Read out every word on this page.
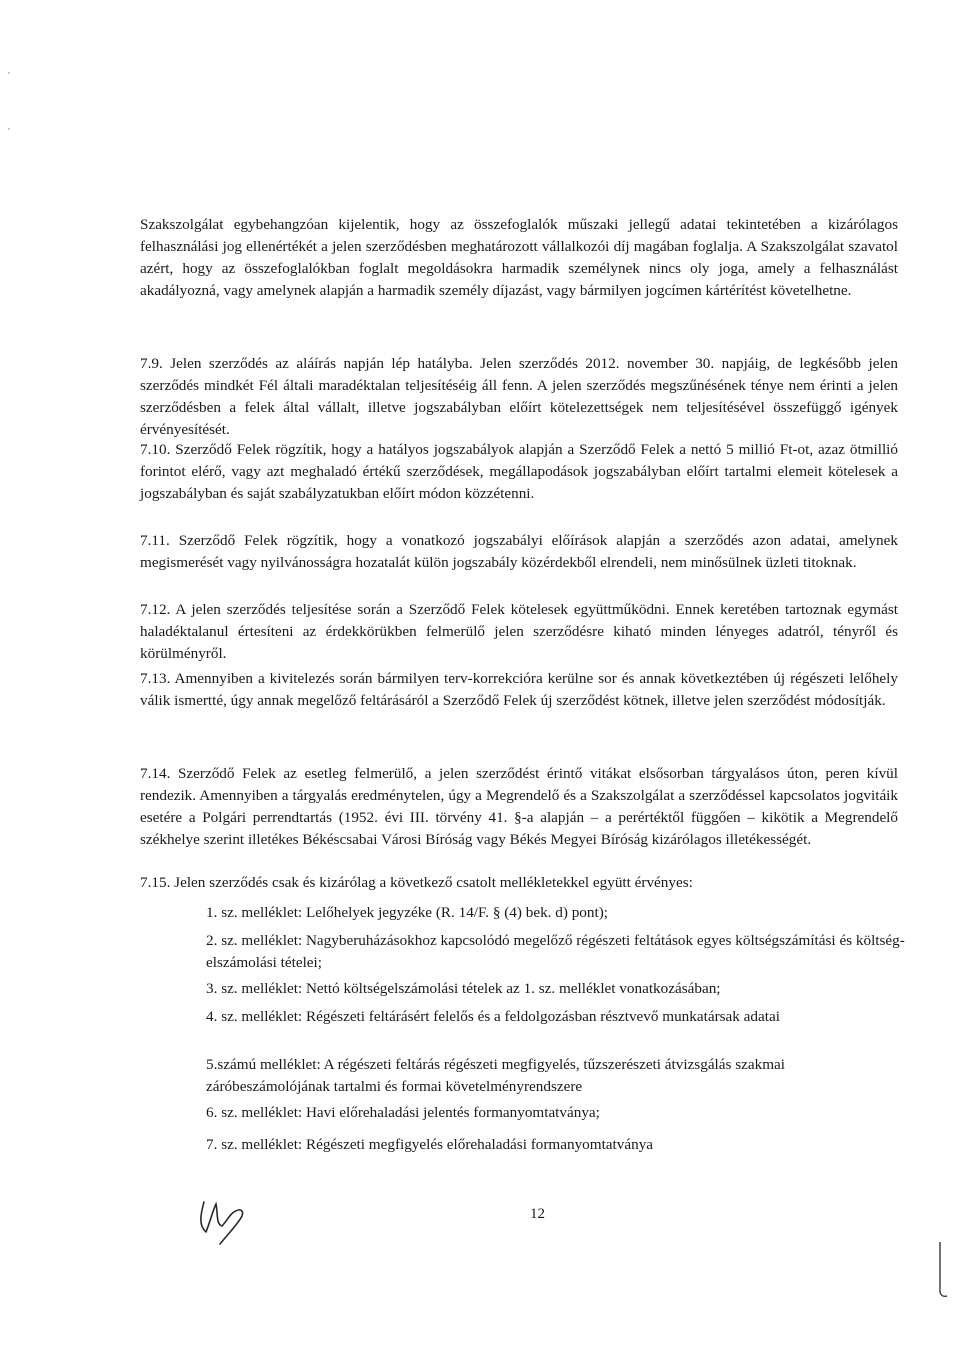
Szakszolgálat egybehangzóan kijelentik, hogy az összefoglalók műszaki jellegű adatai tekintetében a kizárólagos felhasználási jog ellenértékét a jelen szerződésben meghatározott vállalkozói díj magában foglalja. A Szakszolgálat szavatol azért, hogy az összefoglalókban foglalt megoldásokra harmadik személynek nincs oly joga, amely a felhasználást akadályozná, vagy amelynek alapján a harmadik személy díjazást, vagy bármilyen jogcímen kártérítést követelhetne.

7.9. Jelen szerződés az aláírás napján lép hatályba. Jelen szerződés 2012. november 30. napjáig, de legkésőbb jelen szerződés mindkét Fél általi maradéktalan teljesítéséig áll fenn. A jelen szerződés megszűnésének ténye nem érinti a jelen szerződésben a felek által vállalt, illetve jogszabályban előírt kötelezettségek nem teljesítésével összefüggő igények érvényesítését.

7.10. Szerződő Felek rögzítik, hogy a hatályos jogszabályok alapján a Szerződő Felek a nettó 5 millió Ft-ot, azaz ötmillió forintot elérő, vagy azt meghaladó értékű szerződések, megállapodások jogszabályban előírt tartalmi elemeit kötelesek a jogszabályban és saját szabályzatukban előírt módon közzétenni.

7.11. Szerződő Felek rögzítik, hogy a vonatkozó jogszabályi előírások alapján a szerződés azon adatai, amelynek megismerését vagy nyilvánosságra hozatalát külön jogszabály közérdekből elrendeli, nem minősülnek üzleti titoknak.

7.12. A jelen szerződés teljesítése során a Szerződő Felek kötelesek együttműködni. Ennek keretében tartoznak egymást haladéktalanul értesíteni az érdekkörükben felmerülő jelen szerződésre kiható minden lényeges adatról, tényről és körülményről.

7.13. Amennyiben a kivitelezés során bármilyen terv-korrekcióra kerülne sor és annak következtében új régészeti lelőhely válik ismertté, úgy annak megelőző feltárásáról a Szerződő Felek új szerződést kötnek, illetve jelen szerződést módosítják.

7.14. Szerződő Felek az esetleg felmerülő, a jelen szerződést érintő vitákat elsősorban tárgyalásos úton, peren kívül rendezik. Amennyiben a tárgyalás eredménytelen, úgy a Megrendelő és a Szakszolgálat a szerződéssel kapcsolatos jogvitáik esetére a Polgári perrendtartás (1952. évi III. törvény 41. §-a alapján – a perértéktől függően – kikötik a Megrendelő székhelye szerint illetékes Békéscsabai Városi Bíróság vagy Békés Megyei Bíróság kizárólagos illetékességét.

7.15. Jelen szerződés csak és kizárólag a következő csatolt mellékletekkel együtt érvényes:

1. sz. melléklet: Lelőhelyek jegyzéke (R. 14/F. § (4) bek. d) pont);

2. sz. melléklet: Nagyberuházásokhoz kapcsolódó megelőző régészeti feltátások egyes költségszámítási és költség-elszámolási tételei;

3. sz. melléklet: Nettó költségelszámolási tételek az 1. sz. melléklet vonatkozásában;

4. sz. melléklet: Régészeti feltárásért felelős és a feldolgozásban résztvevő munkatársak adatai

5.számú melléklet: A régészeti feltárás régészeti megfigyelés, tűzszerészeti átvizsgálás szakmai záróbeszámolójának tartalmi és formai követelményrendszere

6. sz. melléklet: Havi előrehaladási jelentés formanyomtatványa;

7. sz. melléklet: Régészeti megfigyelés előrehaladási formanyomtatványa

12
